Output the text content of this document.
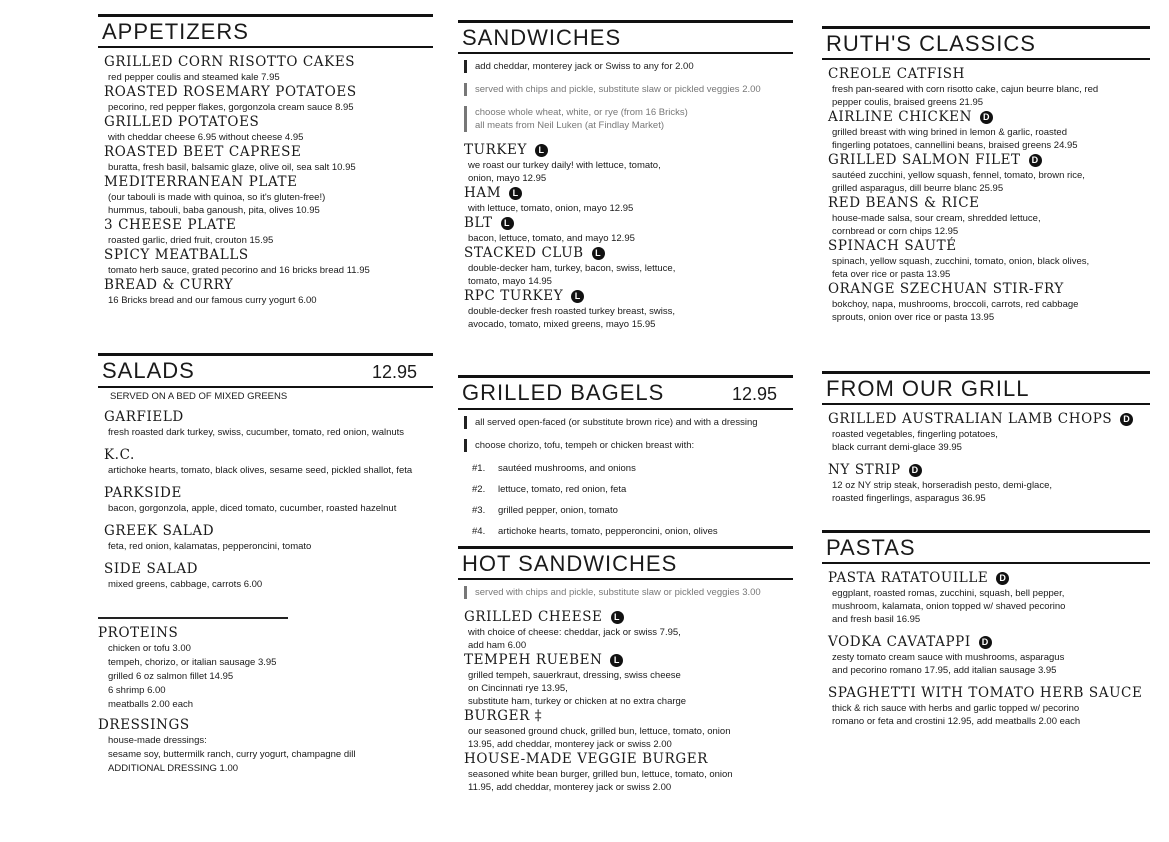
APPETIZERS
GRILLED CORN RISOTTO CAKES
red pepper coulis and steamed kale 7.95
ROASTED ROSEMARY POTATOES
pecorino, red pepper flakes, gorgonzola cream sauce 8.95
GRILLED POTATOES
with cheddar cheese 6.95 without cheese 4.95
ROASTED BEET CAPRESE
buratta, fresh basil, balsamic glaze, olive oil, sea salt 10.95
MEDITERRANEAN PLATE
(our tabouli is made with quinoa, so it's gluten-free!)
hummus, tabouli, baba ganoush, pita, olives 10.95
3 CHEESE PLATE
roasted garlic, dried fruit, crouton 15.95
SPICY MEATBALLS
tomato herb sauce, grated pecorino and 16 bricks bread 11.95
BREAD & CURRY
16 Bricks bread and our famous curry yogurt 6.00
SALADS	12.95
SERVED ON A BED OF MIXED GREENS
GARFIELD
fresh roasted dark turkey, swiss, cucumber, tomato, red onion, walnuts
K.C.
artichoke hearts, tomato, black olives, sesame seed, pickled shallot, feta
PARKSIDE
bacon, gorgonzola, apple, diced tomato, cucumber, roasted hazelnut
GREEK SALAD
feta, red onion, kalamatas, pepperoncini, tomato
SIDE SALAD
mixed greens, cabbage, carrots 6.00
PROTEINS
chicken or tofu 3.00
tempeh, chorizo, or italian sausage 3.95
grilled 6 oz salmon fillet 14.95
6 shrimp 6.00
meatballs 2.00 each
DRESSINGS
house-made dressings:
sesame soy, buttermilk ranch, curry yogurt, champagne dill
ADDITIONAL DRESSING 1.00
SANDWICHES
add cheddar, monterey jack or Swiss to any for 2.00
served with chips and pickle, substitute slaw or pickled veggies 2.00
choose whole wheat, white, or rye (from 16 Bricks)
all meats from Neil Luken (at Findlay Market)
TURKEY	L
we roast our turkey daily! with lettuce, tomato,
onion, mayo 12.95
HAM	L
with lettuce, tomato, onion, mayo 12.95
BLT	L
bacon, lettuce, tomato, and mayo 12.95
STACKED CLUB	L
double-decker ham, turkey, bacon, swiss, lettuce,
tomato, mayo 14.95
RPC TURKEY	L
double-decker fresh roasted turkey breast, swiss,
avocado, tomato, mixed greens, mayo 15.95
GRILLED BAGELS	12.95
all served open-faced (or substitute brown rice) and with a dressing
choose chorizo, tofu, tempeh or chicken breast with:
#1.	sautéed mushrooms, and onions
#2.	lettuce, tomato, red onion, feta
#3.	grilled pepper, onion, tomato
#4.	artichoke hearts, tomato, pepperoncini, onion, olives
HOT SANDWICHES
served with chips and pickle, substitute slaw or pickled veggies 3.00
GRILLED CHEESE	L
with choice of cheese: cheddar, jack or swiss 7.95,
add ham 6.00
TEMPEH RUEBEN	L
grilled tempeh, sauerkraut, dressing, swiss cheese
on Cincinnati rye 13.95,
substitute ham, turkey or chicken at no extra charge
BURGER ‡
our seasoned ground chuck, grilled bun, lettuce, tomato, onion
13.95, add cheddar, monterey jack or swiss 2.00
HOUSE-MADE VEGGIE BURGER
seasoned white bean burger, grilled bun, lettuce, tomato, onion
11.95, add cheddar, monterey jack or swiss 2.00
RUTH'S CLASSICS
CREOLE CATFISH
fresh pan-seared with corn risotto cake, cajun beurre blanc, red
pepper coulis, braised greens 21.95
AIRLINE CHICKEN	D
grilled breast with wing brined in lemon & garlic, roasted
fingerling potatoes, cannellini beans, braised greens 24.95
GRILLED SALMON FILET	D
sautéed zucchini, yellow squash, fennel, tomato, brown rice,
grilled asparagus, dill beurre blanc 25.95
RED BEANS & RICE
house-made salsa, sour cream, shredded lettuce,
cornbread or corn chips 12.95
SPINACH SAUTÉ
spinach, yellow squash, zucchini, tomato, onion, black olives,
feta over rice or pasta 13.95
ORANGE SZECHUAN STIR-FRY
bokchoy, napa, mushrooms, broccoli, carrots, red cabbage
sprouts, onion over rice or pasta 13.95
FROM OUR GRILL
GRILLED AUSTRALIAN LAMB CHOPS	D
roasted vegetables, fingerling potatoes,
black currant demi-glace 39.95
NY STRIP	D
12 oz NY strip steak, horseradish pesto, demi-glace,
roasted fingerlings, asparagus 36.95
PASTAS
PASTA RATATOUILLE	D
eggplant, roasted romas, zucchini, squash, bell pepper,
mushroom, kalamata, onion topped w/ shaved pecorino
and fresh basil 16.95
VODKA CAVATAPPI	D
zesty tomato cream sauce with mushrooms, asparagus
and pecorino romano 17.95, add italian sausage 3.95
SPAGHETTI WITH TOMATO HERB SAUCE
thick & rich sauce with herbs and garlic topped w/ pecorino
romano or feta and crostini 12.95, add meatballs 2.00 each
